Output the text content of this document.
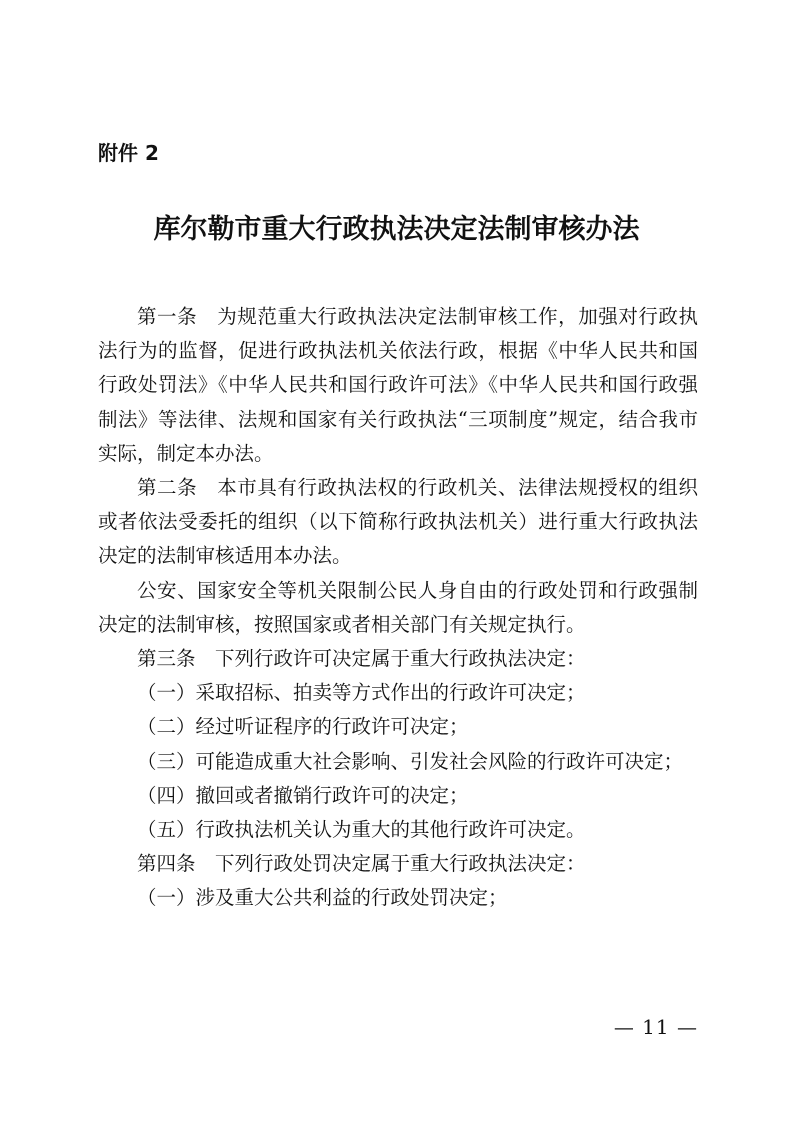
附件 2
库尔勒市重大行政执法决定法制审核办法

第一条　为规范重大行政执法决定法制审核工作，加强对行政执法行为的监督，促进行政执法机关依法行政，根据《中华人民共和国行政处罚法》《中华人民共和国行政许可法》《中华人民共和国行政强制法》等法律、法规和国家有关行政执法“三项制度”规定，结合我市实际，制定本办法。

第二条　本市具有行政执法权的行政机关、法律法规授权的组织或者依法受委托的组织（以下简称行政执法机关）进行重大行政执法决定的法制审核适用本办法。

公安、国家安全等机关限制公民人身自由的行政处罚和行政强制决定的法制审核，按照国家或者相关部门有关规定执行。

第三条　下列行政许可决定属于重大行政执法决定：

（一）采取招标、拍卖等方式作出的行政许可决定；

（二）经过听证程序的行政许可决定；

（三）可能造成重大社会影响、引发社会风险的行政许可决定；

（四）撤回或者撤销行政许可的决定；

（五）行政执法机关认为重大的其他行政许可决定。

第四条　下列行政处罚决定属于重大行政执法决定：

（一）涉及重大公共利益的行政处罚决定；

— 11 —
